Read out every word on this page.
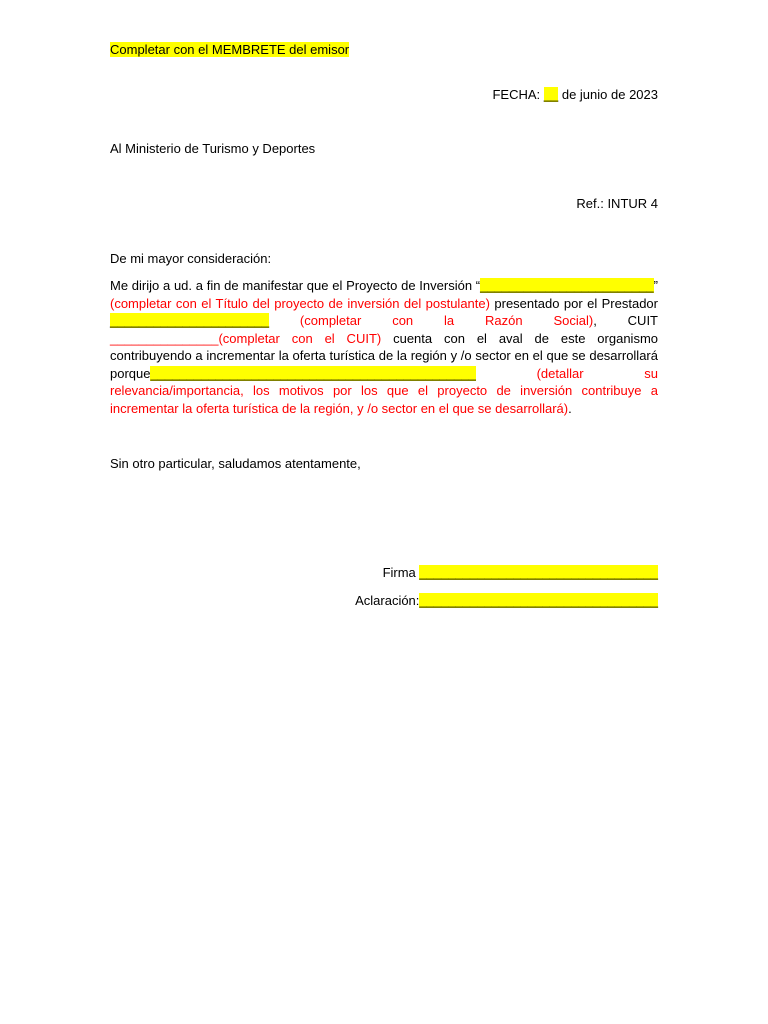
Completar con el MEMBRETE del emisor
FECHA: __ de junio de 2023
Al Ministerio de Turismo y Deportes
Ref.: INTUR 4
De mi mayor consideración:
Me dirijo a ud. a fin de manifestar que el Proyecto de Inversión “________________________” (completar con el Título del proyecto de inversión del postulante) presentado por el Prestador ______________________ (completar con la Razón Social), CUIT _______________(completar con el CUIT) cuenta con el aval de este organismo contribuyendo a incrementar la oferta turística de la región y /o sector en el que se desarrollará porque_____________________________________________ (detallar su relevancia/importancia, los motivos por los que el proyecto de inversión contribuye a incrementar la oferta turística de la región, y /o sector en el que se desarrollará).
Sin otro particular, saludamos atentamente,
Firma _________________________________
Aclaración:_________________________________
